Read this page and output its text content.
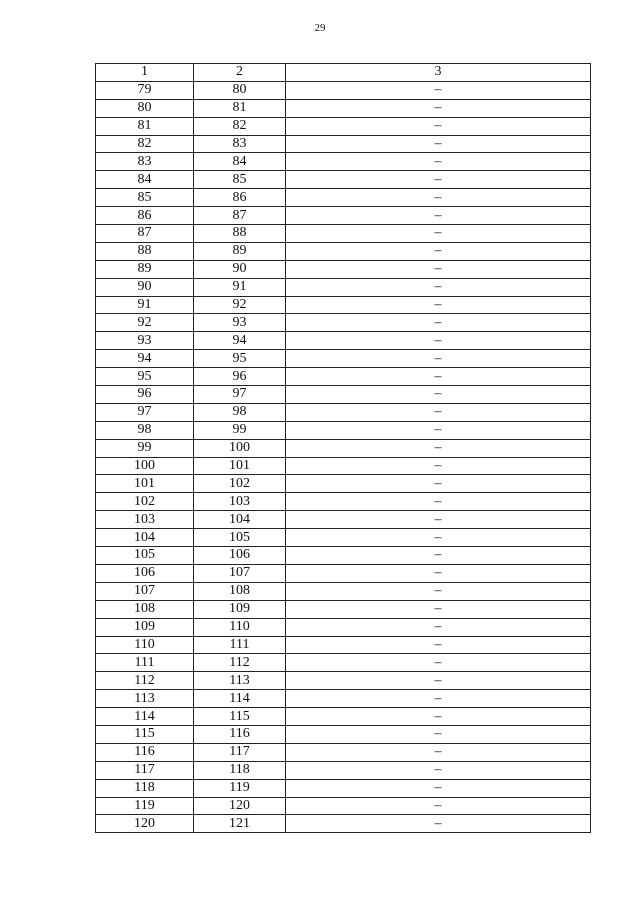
29
1	2	3
79	80	–
80	81	–
81	82	–
82	83	–
83	84	–
84	85	–
85	86	–
86	87	–
87	88	–
88	89	–
89	90	–
90	91	–
91	92	–
92	93	–
93	94	–
94	95	–
95	96	–
96	97	–
97	98	–
98	99	–
99	100	–
100	101	–
101	102	–
102	103	–
103	104	–
104	105	–
105	106	–
106	107	–
107	108	–
108	109	–
109	110	–
110	111	–
111	112	–
112	113	–
113	114	–
114	115	–
115	116	–
116	117	–
117	118	–
118	119	–
119	120	–
120	121	–
